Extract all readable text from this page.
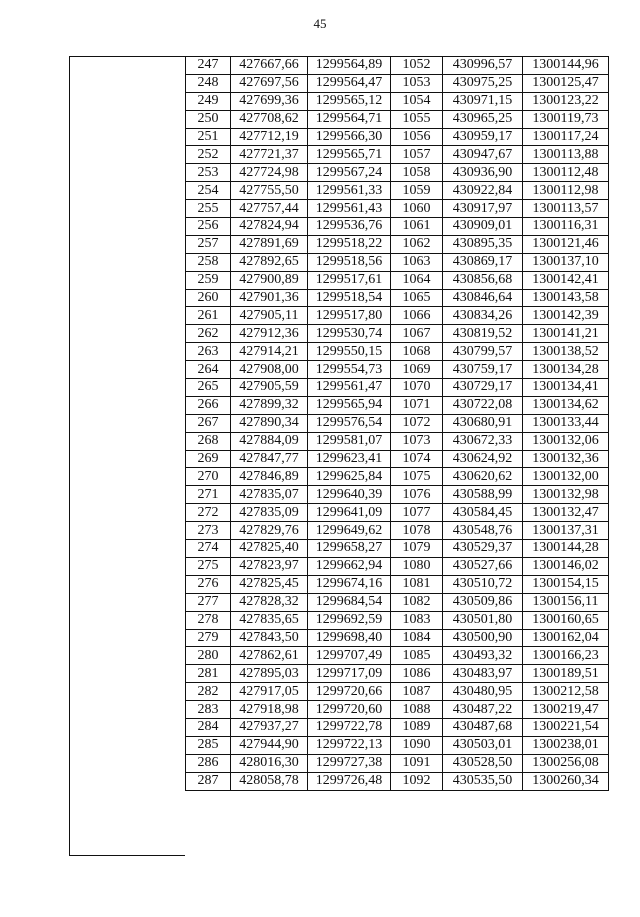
45
247	427667,66	1299564,89	1052	430996,57	1300144,96
248	427697,56	1299564,47	1053	430975,25	1300125,47
249	427699,36	1299565,12	1054	430971,15	1300123,22
250	427708,62	1299564,71	1055	430965,25	1300119,73
251	427712,19	1299566,30	1056	430959,17	1300117,24
252	427721,37	1299565,71	1057	430947,67	1300113,88
253	427724,98	1299567,24	1058	430936,90	1300112,48
254	427755,50	1299561,33	1059	430922,84	1300112,98
255	427757,44	1299561,43	1060	430917,97	1300113,57
256	427824,94	1299536,76	1061	430909,01	1300116,31
257	427891,69	1299518,22	1062	430895,35	1300121,46
258	427892,65	1299518,56	1063	430869,17	1300137,10
259	427900,89	1299517,61	1064	430856,68	1300142,41
260	427901,36	1299518,54	1065	430846,64	1300143,58
261	427905,11	1299517,80	1066	430834,26	1300142,39
262	427912,36	1299530,74	1067	430819,52	1300141,21
263	427914,21	1299550,15	1068	430799,57	1300138,52
264	427908,00	1299554,73	1069	430759,17	1300134,28
265	427905,59	1299561,47	1070	430729,17	1300134,41
266	427899,32	1299565,94	1071	430722,08	1300134,62
267	427890,34	1299576,54	1072	430680,91	1300133,44
268	427884,09	1299581,07	1073	430672,33	1300132,06
269	427847,77	1299623,41	1074	430624,92	1300132,36
270	427846,89	1299625,84	1075	430620,62	1300132,00
271	427835,07	1299640,39	1076	430588,99	1300132,98
272	427835,09	1299641,09	1077	430584,45	1300132,47
273	427829,76	1299649,62	1078	430548,76	1300137,31
274	427825,40	1299658,27	1079	430529,37	1300144,28
275	427823,97	1299662,94	1080	430527,66	1300146,02
276	427825,45	1299674,16	1081	430510,72	1300154,15
277	427828,32	1299684,54	1082	430509,86	1300156,11
278	427835,65	1299692,59	1083	430501,80	1300160,65
279	427843,50	1299698,40	1084	430500,90	1300162,04
280	427862,61	1299707,49	1085	430493,32	1300166,23
281	427895,03	1299717,09	1086	430483,97	1300189,51
282	427917,05	1299720,66	1087	430480,95	1300212,58
283	427918,98	1299720,60	1088	430487,22	1300219,47
284	427937,27	1299722,78	1089	430487,68	1300221,54
285	427944,90	1299722,13	1090	430503,01	1300238,01
286	428016,30	1299727,38	1091	430528,50	1300256,08
287	428058,78	1299726,48	1092	430535,50	1300260,34
